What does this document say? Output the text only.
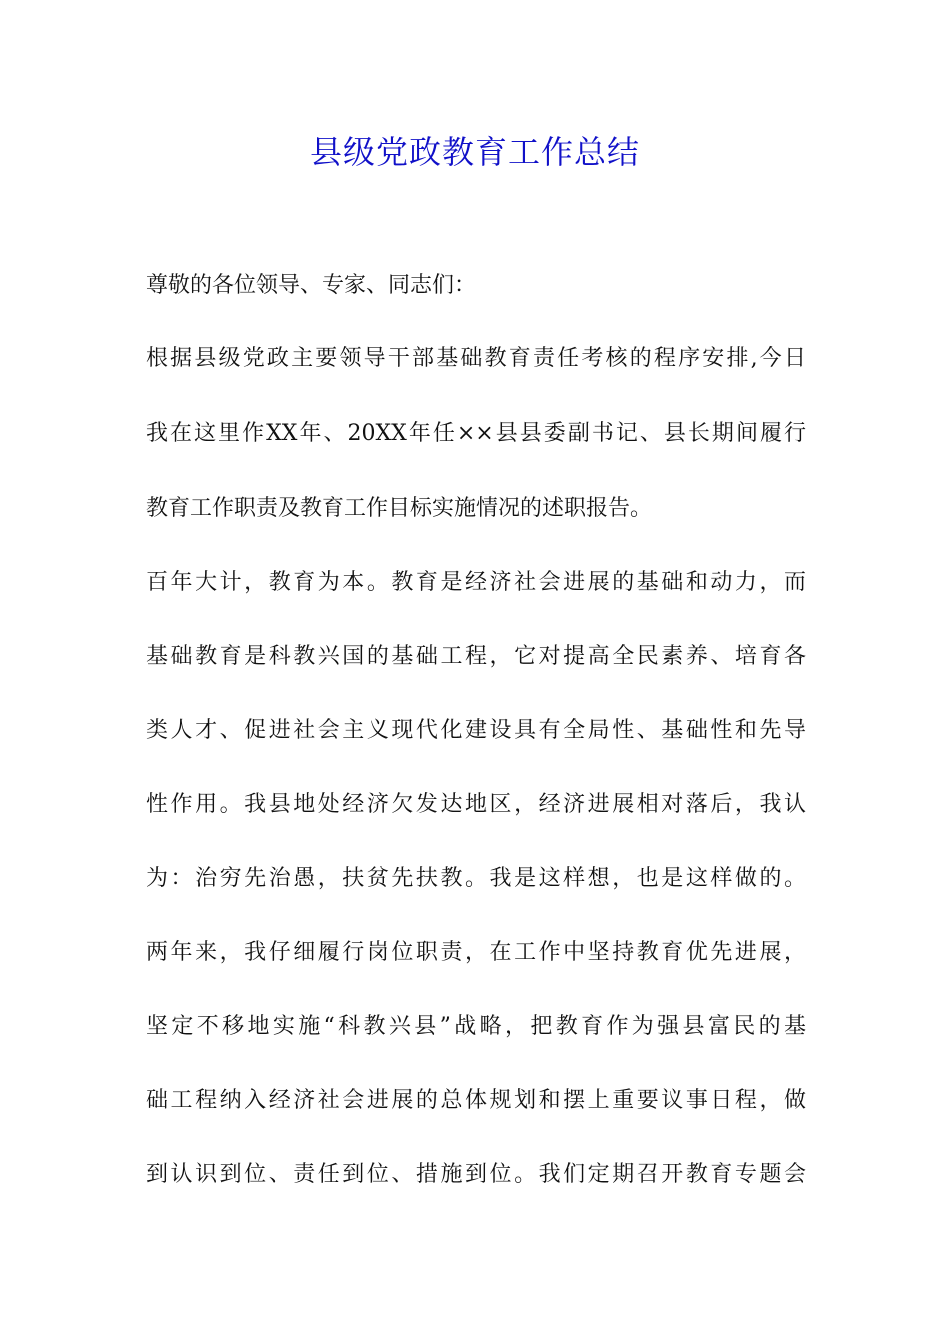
县级党政教育工作总结

尊敬的各位领导、专家、同志们：

根据县级党政主要领导干部基础教育责任考核的程序安排,今日

我在这里作XX年、20XX年任××县县委副书记、县长期间履行

教育工作职责及教育工作目标实施情况的述职报告。

百年大计，教育为本。教育是经济社会进展的基础和动力，而

基础教育是科教兴国的基础工程，它对提高全民素养、培育各

类人才、促进社会主义现代化建设具有全局性、基础性和先导

性作用。我县地处经济欠发达地区，经济进展相对落后，我认

为：治穷先治愚，扶贫先扶教。我是这样想，也是这样做的。

两年来，我仔细履行岗位职责，在工作中坚持教育优先进展，

坚定不移地实施“科教兴县”战略，把教育作为强县富民的基

础工程纳入经济社会进展的总体规划和摆上重要议事日程，做

到认识到位、责任到位、措施到位。我们定期召开教育专题会
